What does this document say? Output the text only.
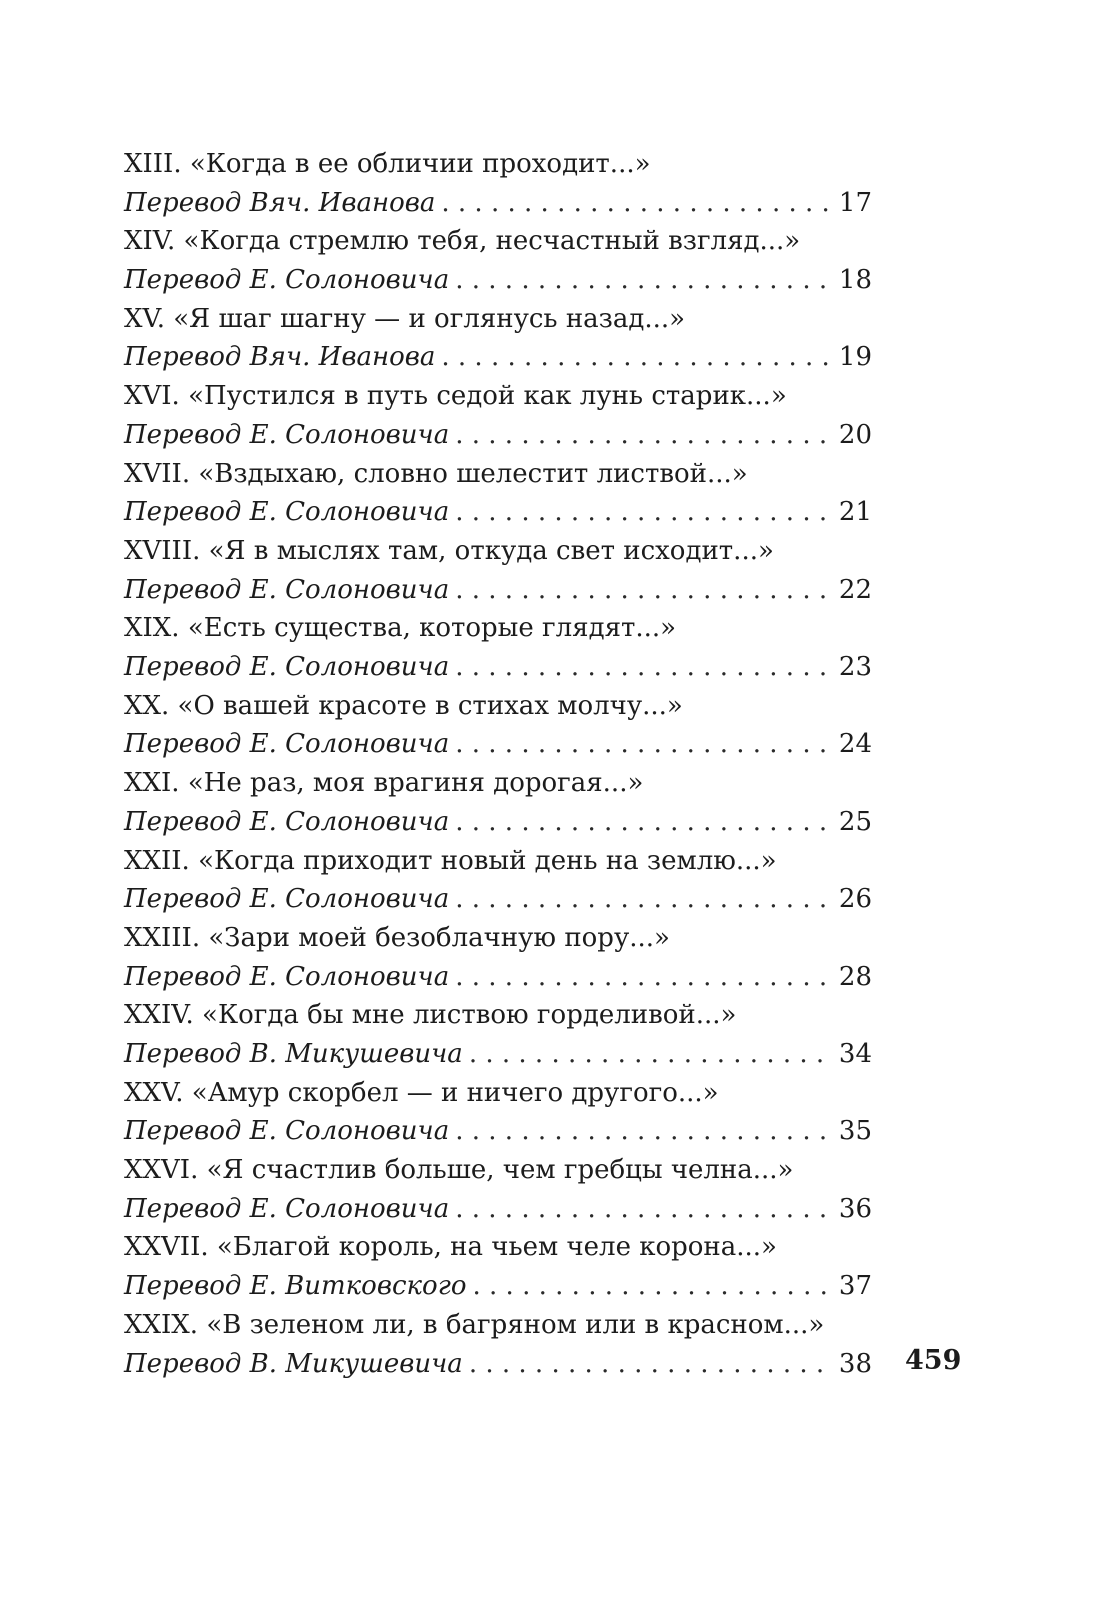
XIII. «Когда в ее обличии проходит...»
Перевод Вяч. Иванова . . .	17
XIV. «Когда стремлю тебя, несчастный взгляд...»
Перевод Е. Солоновича . . .	18
XV. «Я шаг шагну — и оглянусь назад...»
Перевод Вяч. Иванова . . .	19
XVI. «Пустился в путь седой как лунь старик...»
Перевод Е. Солоновича . . .	20
XVII. «Вздыхаю, словно шелестит листвой...»
Перевод Е. Солоновича . . .	21
XVIII. «Я в мыслях там, откуда свет исходит...»
Перевод Е. Солоновича . . .	22
XIX. «Есть существа, которые глядят...»
Перевод Е. Солоновича . . .	23
XX. «О вашей красоте в стихах молчу...»
Перевод Е. Солоновича . . .	24
XXI. «Не раз, моя врагиня дорогая...»
Перевод Е. Солоновича . . .	25
XXII. «Когда приходит новый день на землю...»
Перевод Е. Солоновича . . .	26
XXIII. «Зари моей безоблачную пору...»
Перевод Е. Солоновича . . .	28
XXIV. «Когда бы мне листвою горделивой...»
Перевод В. Микушевича . . .	34
XXV. «Амур скорбел — и ничего другого...»
Перевод Е. Солоновича . . .	35
XXVI. «Я счастлив больше, чем гребцы челна...»
Перевод Е. Солоновича . . .	36
XXVII. «Благой король, на чьем челе корона...»
Перевод Е. Витковского . . .	37
XXIX. «В зеленом ли, в багряном или в красном...»
Перевод В. Микушевича . . .	38 459
